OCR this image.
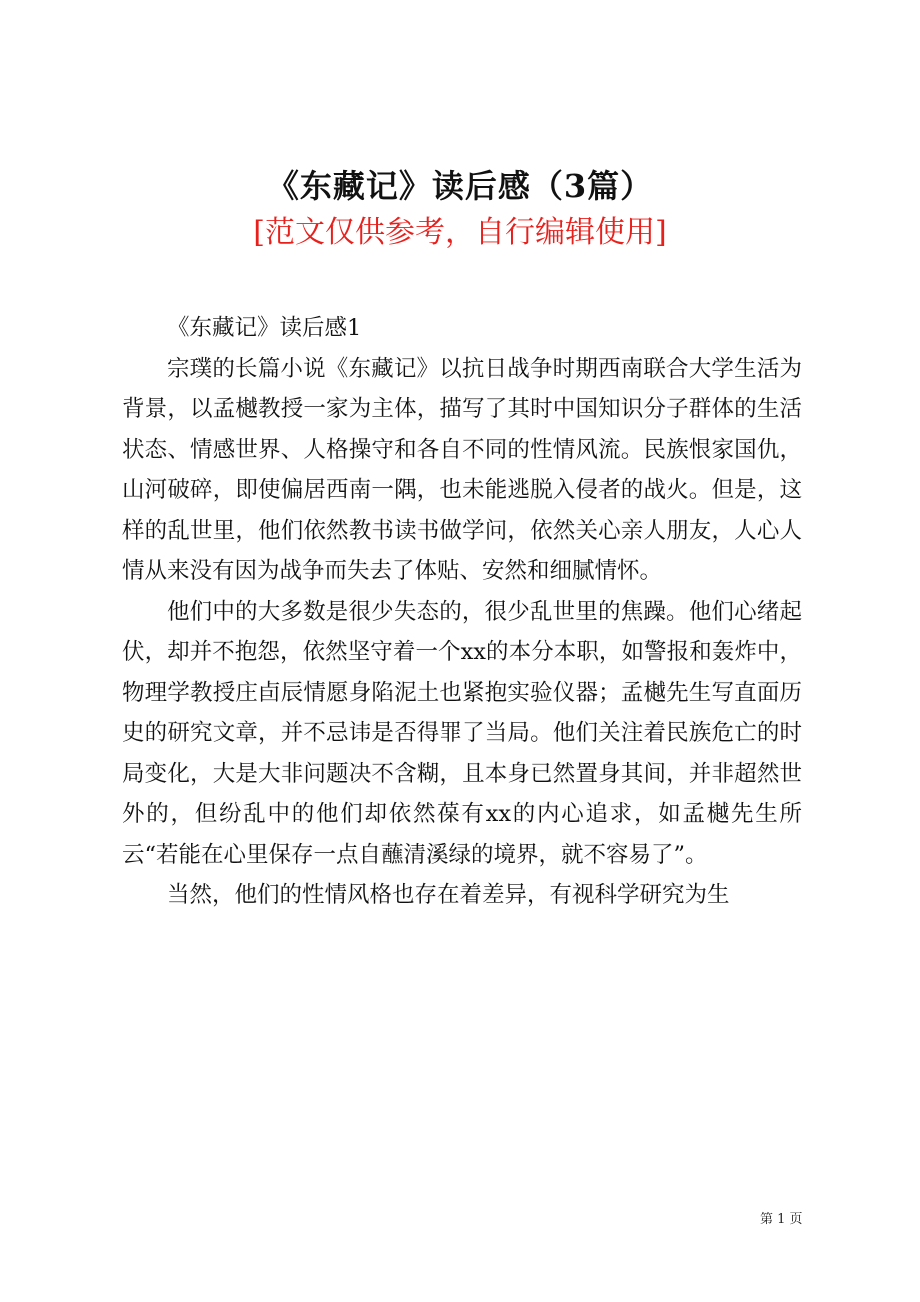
《东藏记》读后感（3篇）
[范文仅供参考，自行编辑使用]

《东藏记》读后感1

宗璞的长篇小说《东藏记》以抗日战争时期西南联合大学生活为背景，以孟樾教授一家为主体，描写了其时中国知识分子群体的生活状态、情感世界、人格操守和各自不同的性情风流。民族恨家国仇，山河破碎，即使偏居西南一隅，也未能逃脱入侵者的战火。但是，这样的乱世里，他们依然教书读书做学问，依然关心亲人朋友，人心人情从来没有因为战争而失去了体贴、安然和细腻情怀。

他们中的大多数是很少失态的，很少乱世里的焦躁。他们心绪起伏，却并不抱怨，依然坚守着一个xx的本分本职，如警报和轰炸中，物理学教授庄卣辰情愿身陷泥土也紧抱实验仪器；孟樾先生写直面历史的研究文章，并不忌讳是否得罪了当局。他们关注着民族危亡的时局变化，大是大非问题决不含糊，且本身已然置身其间，并非超然世外的，但纷乱中的他们却依然葆有xx的内心追求，如孟樾先生所云“若能在心里保存一点自蘸清溪绿的境界，就不容易了”。

当然，他们的性情风格也存在着差异，有视科学研究为生

第 1 页
